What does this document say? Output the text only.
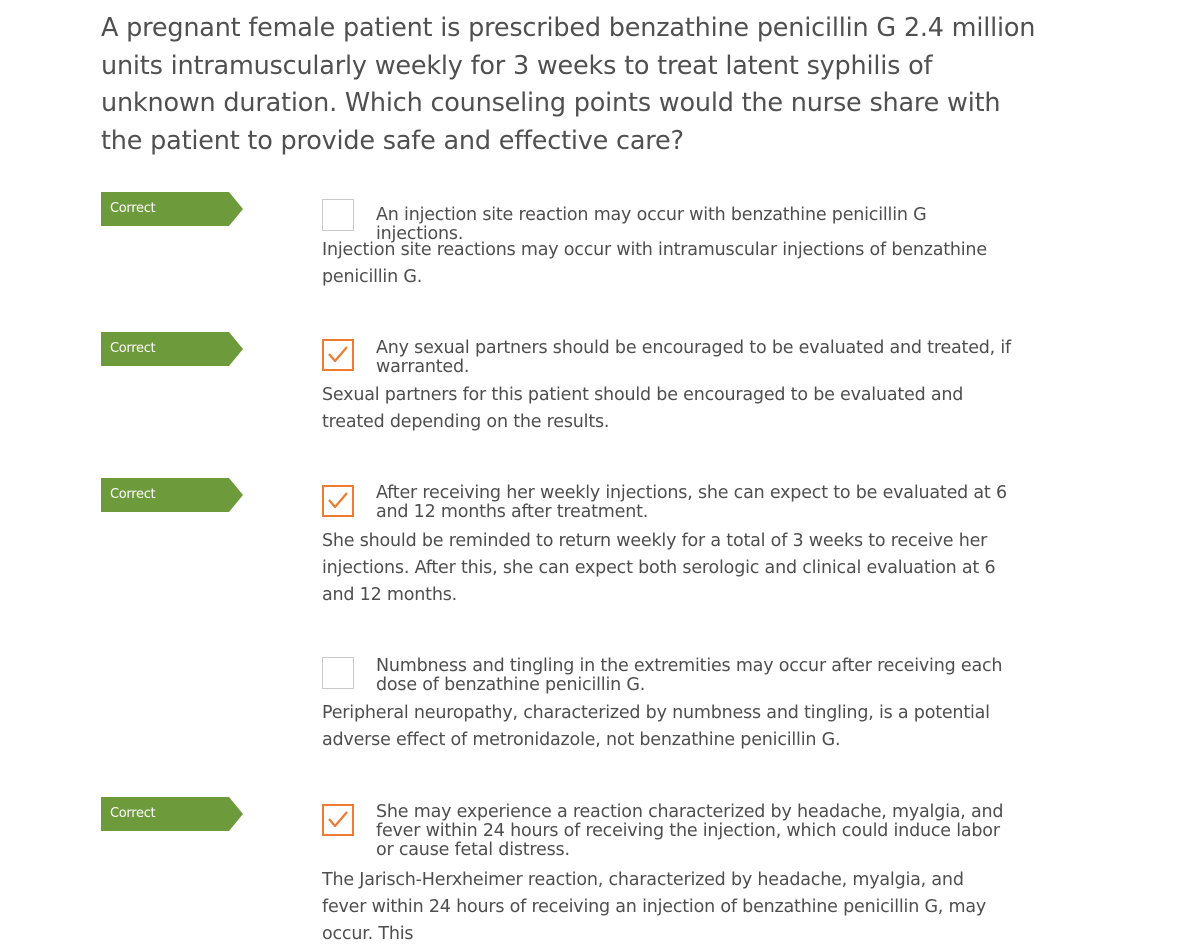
A pregnant female patient is prescribed benzathine penicillin G 2.4 million units intramuscularly weekly for 3 weeks to treat latent syphilis of unknown duration. Which counseling points would the nurse share with the patient to provide safe and effective care?

Correct	An injection site reaction may occur with benzathine penicillin G injections.
Injection site reactions may occur with intramuscular injections of benzathine penicillin G.
Correct	Any sexual partners should be encouraged to be evaluated and treated, if warranted.
Sexual partners for this patient should be encouraged to be evaluated and treated depending on the results.
Correct	After receiving her weekly injections, she can expect to be evaluated at 6 and 12 months after treatment.
She should be reminded to return weekly for a total of 3 weeks to receive her injections. After this, she can expect both serologic and clinical evaluation at 6 and 12 months.
Numbness and tingling in the extremities may occur after receiving each dose of benzathine penicillin G.
Peripheral neuropathy, characterized by numbness and tingling, is a potential adverse effect of metronidazole, not benzathine penicillin G.
Correct	She may experience a reaction characterized by headache, myalgia, and fever within 24 hours of receiving the injection, which could induce labor or cause fetal distress.
The Jarisch-Herxheimer reaction, characterized by headache, myalgia, and fever within 24 hours of receiving an injection of benzathine penicillin G, may occur. This
